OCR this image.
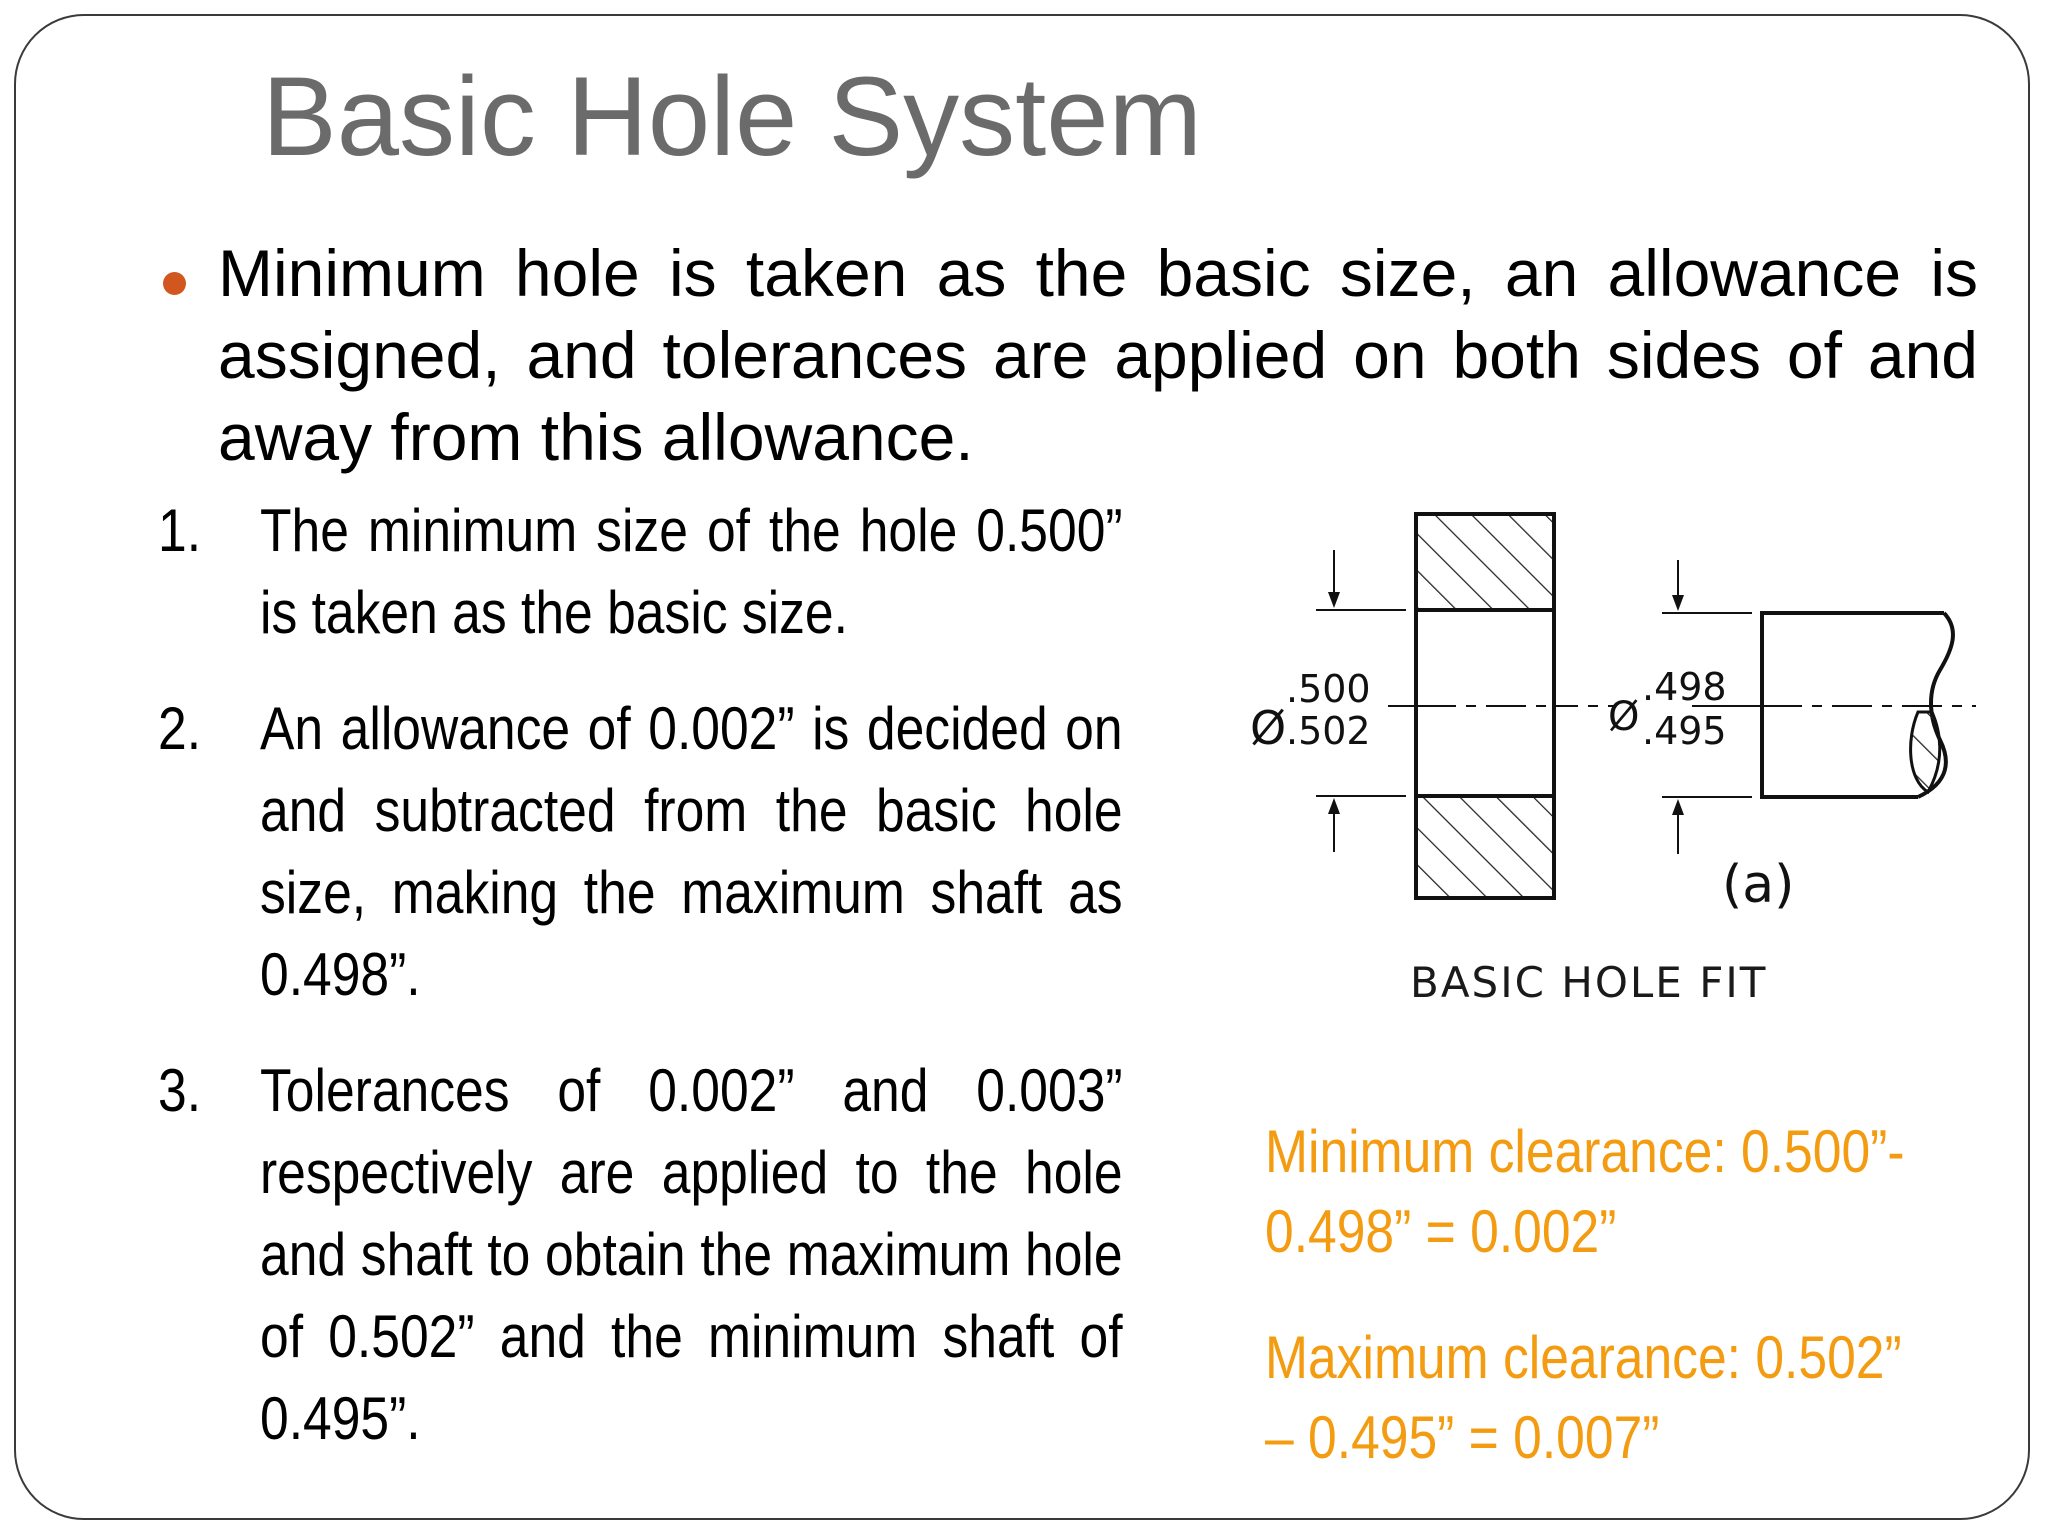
Basic Hole System
Minimum hole is taken as the basic size, an allowance is assigned, and tolerances are applied on both sides of and away from this allowance.
1. The minimum size of the hole 0.500” is taken as the basic size.
2. An allowance of 0.002” is decided on and subtracted from the basic hole size, making the maximum shaft as 0.498”.
3. Tolerances of 0.002” and 0.003” respectively are applied to the hole and shaft to obtain the maximum hole of 0.502” and the minimum shaft of 0.495”.
Ø
.500
.502	Ø
.498
.495
(a)
BASIC HOLE FIT
Minimum clearance: 0.500”- 0.498” = 0.002”
Maximum clearance: 0.502” – 0.495” = 0.007”
